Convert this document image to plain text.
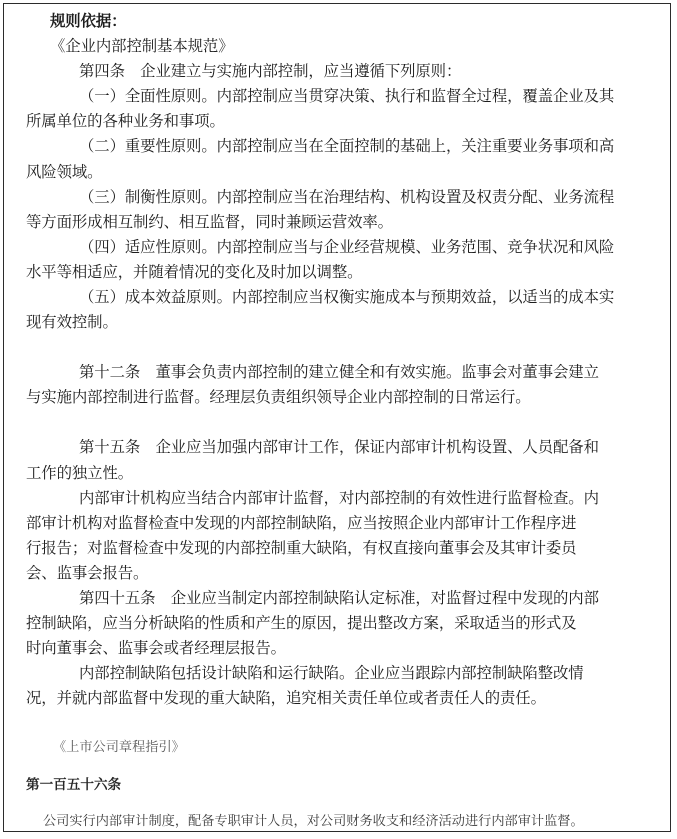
规则依据：
《企业内部控制基本规范》
第四条　企业建立与实施内部控制，应当遵循下列原则：
（一）全面性原则。内部控制应当贯穿决策、执行和监督全过程，覆盖企业及其
所属单位的各种业务和事项。
（二）重要性原则。内部控制应当在全面控制的基础上，关注重要业务事项和高
风险领域。
（三）制衡性原则。内部控制应当在治理结构、机构设置及权责分配、业务流程
等方面形成相互制约、相互监督，同时兼顾运营效率。
（四）适应性原则。内部控制应当与企业经营规模、业务范围、竞争状况和风险
水平等相适应，并随着情况的变化及时加以调整。
（五）成本效益原则。内部控制应当权衡实施成本与预期效益，以适当的成本实
现有效控制。
第十二条　董事会负责内部控制的建立健全和有效实施。监事会对董事会建立
与实施内部控制进行监督。经理层负责组织领导企业内部控制的日常运行。
第十五条　企业应当加强内部审计工作，保证内部审计机构设置、人员配备和
工作的独立性。
内部审计机构应当结合内部审计监督，对内部控制的有效性进行监督检查。内
部审计机构对监督检查中发现的内部控制缺陷，应当按照企业内部审计工作程序进
行报告；对监督检查中发现的内部控制重大缺陷，有权直接向董事会及其审计委员
会、监事会报告。
第四十五条　企业应当制定内部控制缺陷认定标准，对监督过程中发现的内部
控制缺陷，应当分析缺陷的性质和产生的原因，提出整改方案，采取适当的形式及
时向董事会、监事会或者经理层报告。
内部控制缺陷包括设计缺陷和运行缺陷。企业应当跟踪内部控制缺陷整改情
况，并就内部监督中发现的重大缺陷，追究相关责任单位或者责任人的责任。
《上市公司章程指引》
第一百五十六条
公司实行内部审计制度，配备专职审计人员，对公司财务收支和经济活动进行内部审计监督。
